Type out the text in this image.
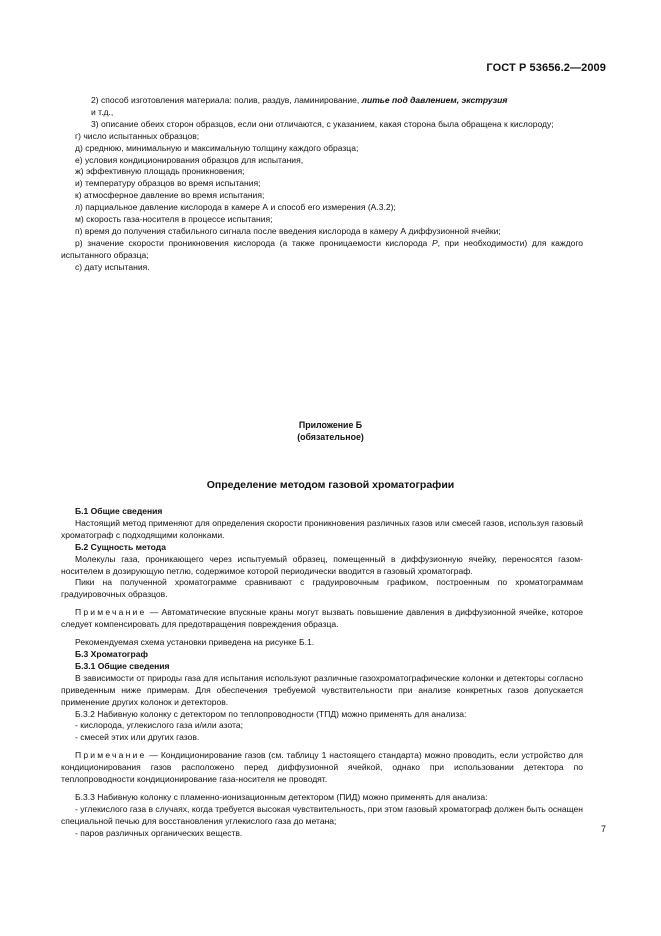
ГОСТ Р 53656.2—2009

2) способ изготовления материала: полив, раздув, ламинирование, литье под давлением, экструзия

и т.д.,

3) описание обеих сторон образцов, если они отличаются, с указанием, какая сторона была обращена к кислороду;

г) число испытанных образцов;

д) среднюю, минимальную и максимальную толщину каждого образца;

е) условия кондиционирования образцов для испытания,

ж) эффективную площадь проникновения;

и) температуру образцов во время испытания;

к) атмосферное давление во время испытания;

л) парциальное давление кислорода в камере А и способ его измерения (А.3.2);

м) скорость газа-носителя в процессе испытания;

п) время до получения стабильного сигнала после введения кислорода в камеру А диффузионной ячейки;

р) значение скорости проникновения кислорода (а также проницаемости кислорода P, при необходимости) для каждого испытанного образца;

с) дату испытания.

Приложение Б
(обязательное)
Определение методом газовой хроматографии

Б.1 Общие сведения

Настоящий метод применяют для определения скорости проникновения различных газов или смесей газов, используя газовый хроматограф с подходящими колонками.

Б.2 Сущность метода

Молекулы газа, проникающего через испытуемый образец, помещенный в диффузионную ячейку, переносятся газом-носителем в дозирующую петлю, содержимое которой периодически вводится в газовый хроматограф.

Пики на полученной хроматограмме сравнивают с градуировочным графиком, построенным по хроматограммам градуировочных образцов.

Примечание — Автоматические впускные краны могут вызвать повышение давления в диффузионной ячейке, которое следует компенсировать для предотвращения повреждения образца.

Рекомендуемая схема установки приведена на рисунке Б.1.

Б.3 Хроматограф

Б.3.1 Общие сведения

В зависимости от природы газа для испытания используют различные газохроматографические колонки и детекторы согласно приведенным ниже примерам. Для обеспечения требуемой чувствительности при анализе конкретных газов допускается применение других колонок и детекторов.

Б.3.2 Набивную колонку с детектором по теплопроводности (ТПД) можно применять для анализа:

- кислорода, углекислого газа и/или азота;

- смесей этих или других газов.

Примечание — Кондиционирование газов (см. таблицу 1 настоящего стандарта) можно проводить, если устройство для кондиционирования газов расположено перед диффузионной ячейкой, однако при использовании детектора по теплопроводности кондиционирование газа-носителя не проводят.

Б.3.3 Набивную колонку с пламенно-ионизационным детектором (ПИД) можно применять для анализа:

- углекислого газа в случаях, когда требуется высокая чувствительность, при этом газовый хроматограф должен быть оснащен специальной печью для восстановления углекислого газа до метана;

- паров различных органических веществ.	7
